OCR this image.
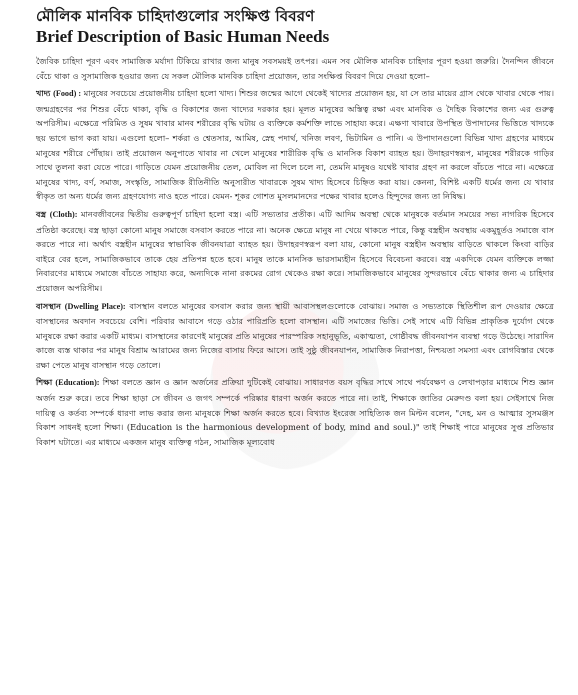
মৌলিক মানবিক চাহিদাগুলোর সংক্ষিপ্ত বিবরণ
Brief Description of Basic Human Needs

জৈবিক চাহিদা পূরণ এবং সামাজিক মর্যাদা টিকিয়ে রাখার জন্য মানুষ সবসময়ই তৎপর। এমন সব মৌলিক মানবিক চাহিদার পূরণ হওয়া জরুরি। দৈনন্দিন জীবনে বেঁচে থাকা ও সুসামাজিক হওয়ার জন্য যে সকল মৌলিক মানবিক চাহিদা প্রয়োজন, তার সংক্ষিপ্ত বিবরণ দিয়ে দেওয়া হলো–

খাদ্য (Food) : মানুষের সবচেয়ে প্রয়োজনীয় চাহিদা হলো খাদ্য। শিশুর জন্মের আগে থেকেই খাদ্যের প্রয়োজন হয়, যা সে তার মায়ের গ্রাস থেকে খাবার থেকে পায়। জন্মগ্রহণের পর শিশুর বেঁচে থাকা, বৃদ্ধি ও বিকাশের জন্য খাদ্যের দরকার হয়। মূলত মানুষের অস্তিত্ব রক্ষা এবং মানবিক ও দৈহিক বিকাশের জন্য এর গুরুত্ব অপরিসীম। এক্ষেত্রে পরিমিত ও সুষম খাবার মানব শরীরের বৃদ্ধি ঘটায় ও ব্যক্তিকে কর্মশক্তি লাভে সাহায্য করে। এক্ষণা খাবারে উপস্থিত উপাদানের ভিত্তিতে খাদ্যকে ছয় ভাগে ভাগ করা যায়। এগুলো হলো– শর্করা ও শ্বেতসার, আমিষ, স্নেহ পদার্থ, খনিজ লবণ, ভিটামিন ও পানি। এ উপাদানগুলো বিভিন্ন খাদ্য গ্রহণের মাধ্যমে মানুষের শরীরে পৌঁছায়। তাই প্রয়োজন অনুপাতে খাবার না খেলে মানুষের শারীরিক বৃদ্ধি ও মানসিক বিকাশ ব্যাহত হয়। উদাহরণস্বরূপ, মানুষের শরীরকে গাড়ির সাথে তুলনা করা যেতে পারে। গাড়িতে যেমন প্রয়োজনীয় তেল, মোবিল না দিলে চলে না, তেমনি মানুষও যথেষ্ট খাবার গ্রহণ না করলে বাঁচতে পারে না। এক্ষেত্রে মানুষের খাদ্য, বর্ণ, সমাজ, সংস্কৃতি, সামাজিক রীতিনীতি অনুসারীত খাবারকে সুষম খাদ্য হিসেবে চিহ্নিত করা যায়। কেননা, বিশিষ্ট একটি ধর্মের জন্য যে খাবার স্বীকৃত তা অন্য ধর্মের জন্য গ্রহণযোগ্য নাও হতে পারে। যেমন- শূকর গোশত মুসলমানদের পক্ষের খাবার হলেও হিন্দুদের জন্য তা নিষিদ্ধ।

বস্ত্র (Cloth): মানবজীবনের দ্বিতীয় গুরুত্বপূর্ণ চাহিদা হলো বস্ত্র। এটি সভ্যতার প্রতীক। এটি আদিম অবস্থা থেকে মানুষকে বর্তমান সময়ের সভ্য নাগরিক হিসেবে প্রতিষ্ঠা করেছে। বস্ত্র ছাড়া কোনো মানুষ সমাজে বসবাস করতে পারে না। অনেক ক্ষেত্রে মানুষ না খেয়ে থাকতে পারে, কিন্তু বস্ত্রহীন অবস্থায় একমুহূর্তও সমাজে বাস করতে পারে না। অর্থাৎ বস্ত্রহীন মানুষের স্বাভাবিক জীবনযাত্রা ব্যাহত হয়। উদাহরণস্বরূপ বলা যায়, কোনো মানুষ বস্ত্রহীন অবস্থায় বাড়িতে থাকলে কিংবা বাড়ির বাইরে বের হলে, সামাজিকভাবে তাকে হেয় প্রতিপন্ন হতে হবে। মানুষ তাকে মানসিক ভারসাম্যহীন হিসেবে বিবেচনা করবে। বস্ত্র একদিকে যেমন ব্যক্তিকে লজ্জা নিবারণের মাধ্যমে সমাজে বাঁচতে সাহায্য করে, অন্যদিকে নানা রকমের রোগ থেকেও রক্ষা করে। সামাজিকভাবে মানুষের সুন্দরভাবে বেঁচে থাকার জন্য এ চাহিদার প্রয়োজন অপরিসীম।

বাসস্থান (Dwelling Place): বাসস্থান বলতে মানুষের বসবাস করার জন্য স্থায়ী আবাসস্থলগুলোকে বোঝায়। সমাজ ও সভ্যতাকে স্থিতিশীল রূপ দেওয়ার ক্ষেত্রে বাসস্থানের অবদান সবচেয়ে বেশি। পরিবার আবাসে গড়ে ওঠার পারিপ্রতি হলো বাসস্থান। এটি সমাজের ভিত্তি। সেই সাথে এটি বিভিন্ন প্রাকৃতিক দুর্যোগ থেকে মানুষকে রক্ষা করার একটি মাধ্যম। বাসস্থানের কারণেই মানুষের প্রতি মানুষের পারস্পরিক সহানুভূতি, একাত্মতা, গোষ্ঠীবদ্ধ জীবনযাপন ব্যবস্থা গড়ে উঠেছে। সারাদিন কাজে ব্যস্ত থাকার পর মানুষ বিশ্রাম আরামের জন্য নিজের বাসায় ফিরে আসে। তাই সুষ্ঠু জীবনযাপন, সামাজিক নিরাপত্তা, নিশ্চয়তা সমস্যা এবং রোগবিস্তার থেকে রক্ষা পেতে মানুষ বাসস্থান গড়ে তোলে।

শিক্ষা (Education): শিক্ষা বলতে জ্ঞান ও জ্ঞান অর্জনের প্রক্রিয়া দুটিকেই বোঝায়। সাধারণত বয়স বৃদ্ধির সাথে সাথে পর্যবেক্ষণ ও লেখাপড়ার মাধ্যমে শিশু জ্ঞান অর্জন শুরু করে। তবে শিক্ষা ছাড়া সে জীবন ও জগৎ সম্পর্কে পরিষ্কার ধারণা অর্জন করতে পারে না। তাই, শিক্ষাকে জাতির মেরুদণ্ড বলা হয়। সেইসাথে নিজ দায়িত্ব ও কর্তব্য সম্পর্কে ধারণা লাভ করার জন্য মানুষকে শিক্ষা অর্জন করতে হবে। বিখ্যাত ইংরেজ সাহিত্যিক জন মিল্টন বলেন, "দেহ, মন ও আত্মার সুসমঞ্জস বিকাশ সাধনই হলো শিক্ষা। (Education is the harmonious development of body, mind and soul.)" তাই শিক্ষাই পারে মানুষের সুপ্ত প্রতিভার বিকাশ ঘটাতে। এর মাধ্যমে একজন মানুষ ব্যক্তিত্ব গঠন, সামাজিক মূল্যবোধ
